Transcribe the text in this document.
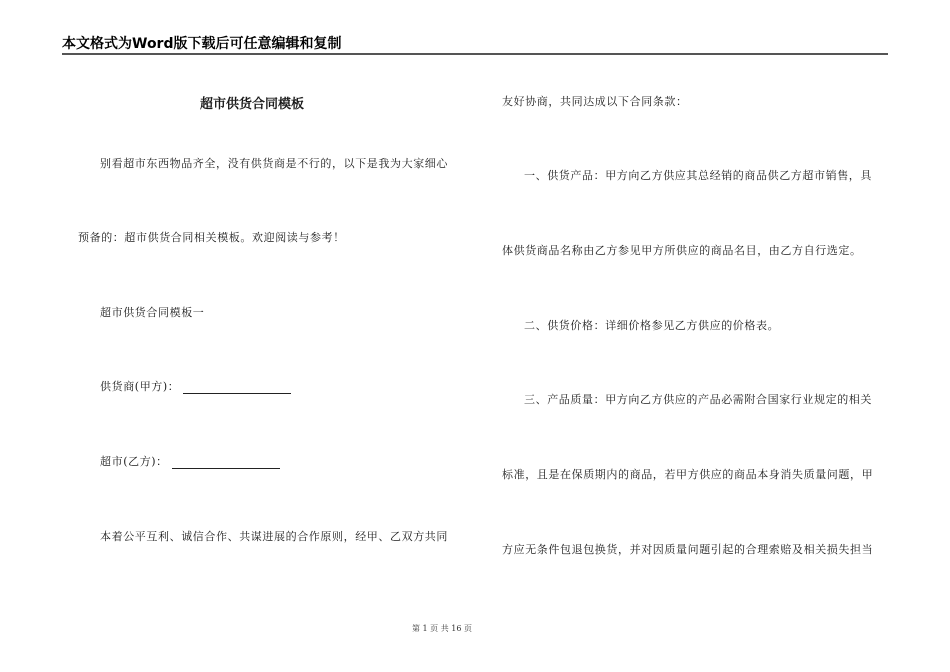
本文格式为Word版下载后可任意编辑和复制
超市供货合同模板
别看超市东西物品齐全，没有供货商是不行的，以下是我为大家细心
预备的：超市供货合同相关模板。欢迎阅读与参考！
超市供货合同模板一
供货商(甲方)：
超市(乙方)：
本着公平互利、诚信合作、共谋进展的合作原则，经甲、乙双方共同
友好协商，共同达成以下合同条款：
一、供货产品：甲方向乙方供应其总经销的商品供乙方超市销售，具
体供货商品名称由乙方参见甲方所供应的商品名目，由乙方自行选定。
二、供货价格：详细价格参见乙方供应的价格表。
三、产品质量：甲方向乙方供应的产品必需附合国家行业规定的相关
标准，且是在保质期内的商品，若甲方供应的商品本身消失质量问题，甲
方应无条件包退包换货，并对因质量问题引起的合理索赔及相关损失担当
第 1 页 共 16 页
